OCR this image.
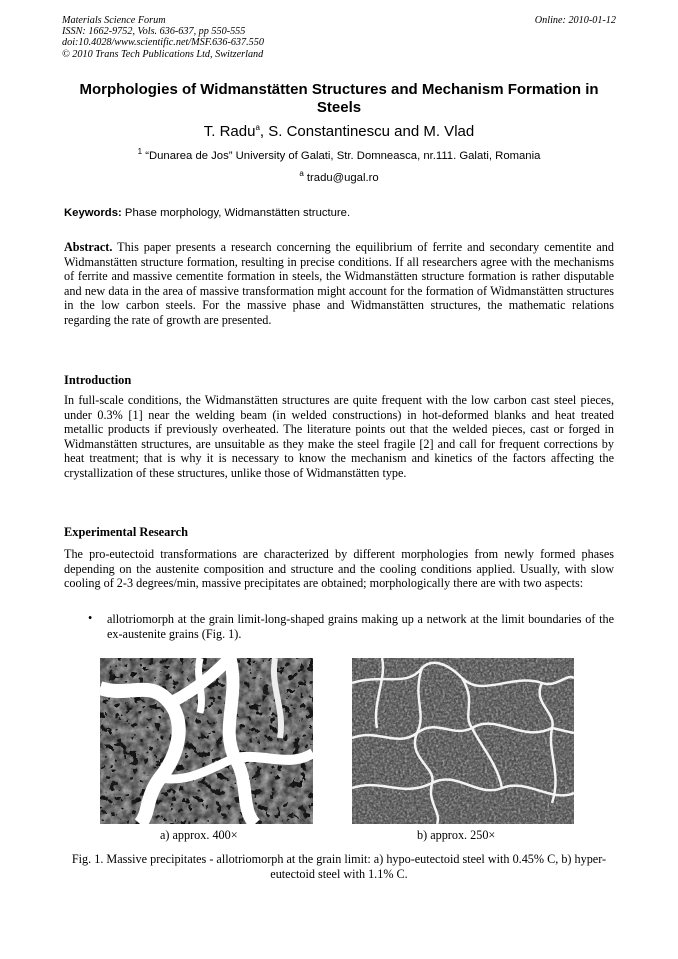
Materials Science Forum
ISSN: 1662-9752, Vols. 636-637, pp 550-555
doi:10.4028/www.scientific.net/MSF.636-637.550
© 2010 Trans Tech Publications Ltd, Switzerland
Online: 2010-01-12
Morphologies of Widmanstätten Structures and Mechanism Formation in Steels
T. Radu$^a$, S. Constantinescu and M. Vlad
$^1$ “Dunarea de Jos” University of Galati, Str. Domneasca, nr.111. Galati, Romania
$^a$ tradu@ugal.ro
Keywords: Phase morphology, Widmanstätten structure.

Abstract. This paper presents a research concerning the equilibrium of ferrite and secondary cementite and Widmanstätten structure formation, resulting in precise conditions. If all researchers agree with the mechanisms of ferrite and massive cementite formation in steels, the Widmanstätten structure formation is rather disputable and new data in the area of massive transformation might account for the formation of Widmanstätten structures in the low carbon steels. For the massive phase and Widmanstätten structures, the mathematic relations regarding the rate of growth are presented.

Introduction

In full-scale conditions, the Widmanstätten structures are quite frequent with the low carbon cast steel pieces, under 0.3% [1] near the welding beam (in welded constructions) in hot-deformed blanks and heat treated metallic products if previously overheated. The literature points out that the welded pieces, cast or forged in Widmanstätten structures, are unsuitable as they make the steel fragile [2] and call for frequent corrections by heat treatment; that is why it is necessary to know the mechanism and kinetics of the factors affecting the crystallization of these structures, unlike those of Widmanstätten type.

Experimental Research

The pro-eutectoid transformations are characterized by different morphologies from newly formed phases depending on the austenite composition and structure and the cooling conditions applied. Usually, with slow cooling of 2-3 degrees/min, massive precipitates are obtained; morphologically there are with two aspects:

• allotriomorph at the grain limit-long-shaped grains making up a network at the limit boundaries of the ex-austenite grains (Fig. 1).

a) approx. 400×	b) approx. 250×
Fig. 1. Massive precipitates - allotriomorph at the grain limit: a) hypo-eutectoid steel with 0.45% C, b) hyper-eutectoid steel with 1.1% C.
